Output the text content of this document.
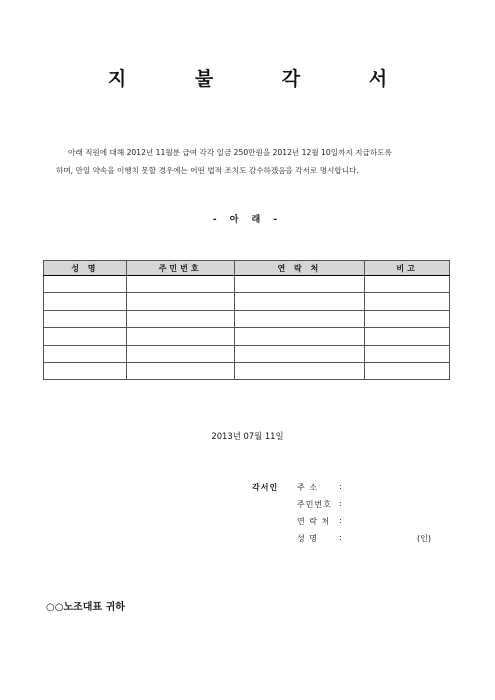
지 불 각 서
아래 직원에 대해 2012년 11월분 급여 각각 일금 250만원을 2012년 12월 10일까지 지급하도록
하며, 만일 약속을 이행치 못할 경우에는 어떤 법적 조치도 감수하겠음을 각서로 명시합니다.
- 아 래 -
성 명	주민번호	연 락 처	비고

2013년 07월 11일
각서인 주 소	:
주민번호 :
연 락 처 :
성 명	:	(인)
○○노조대표 귀하
